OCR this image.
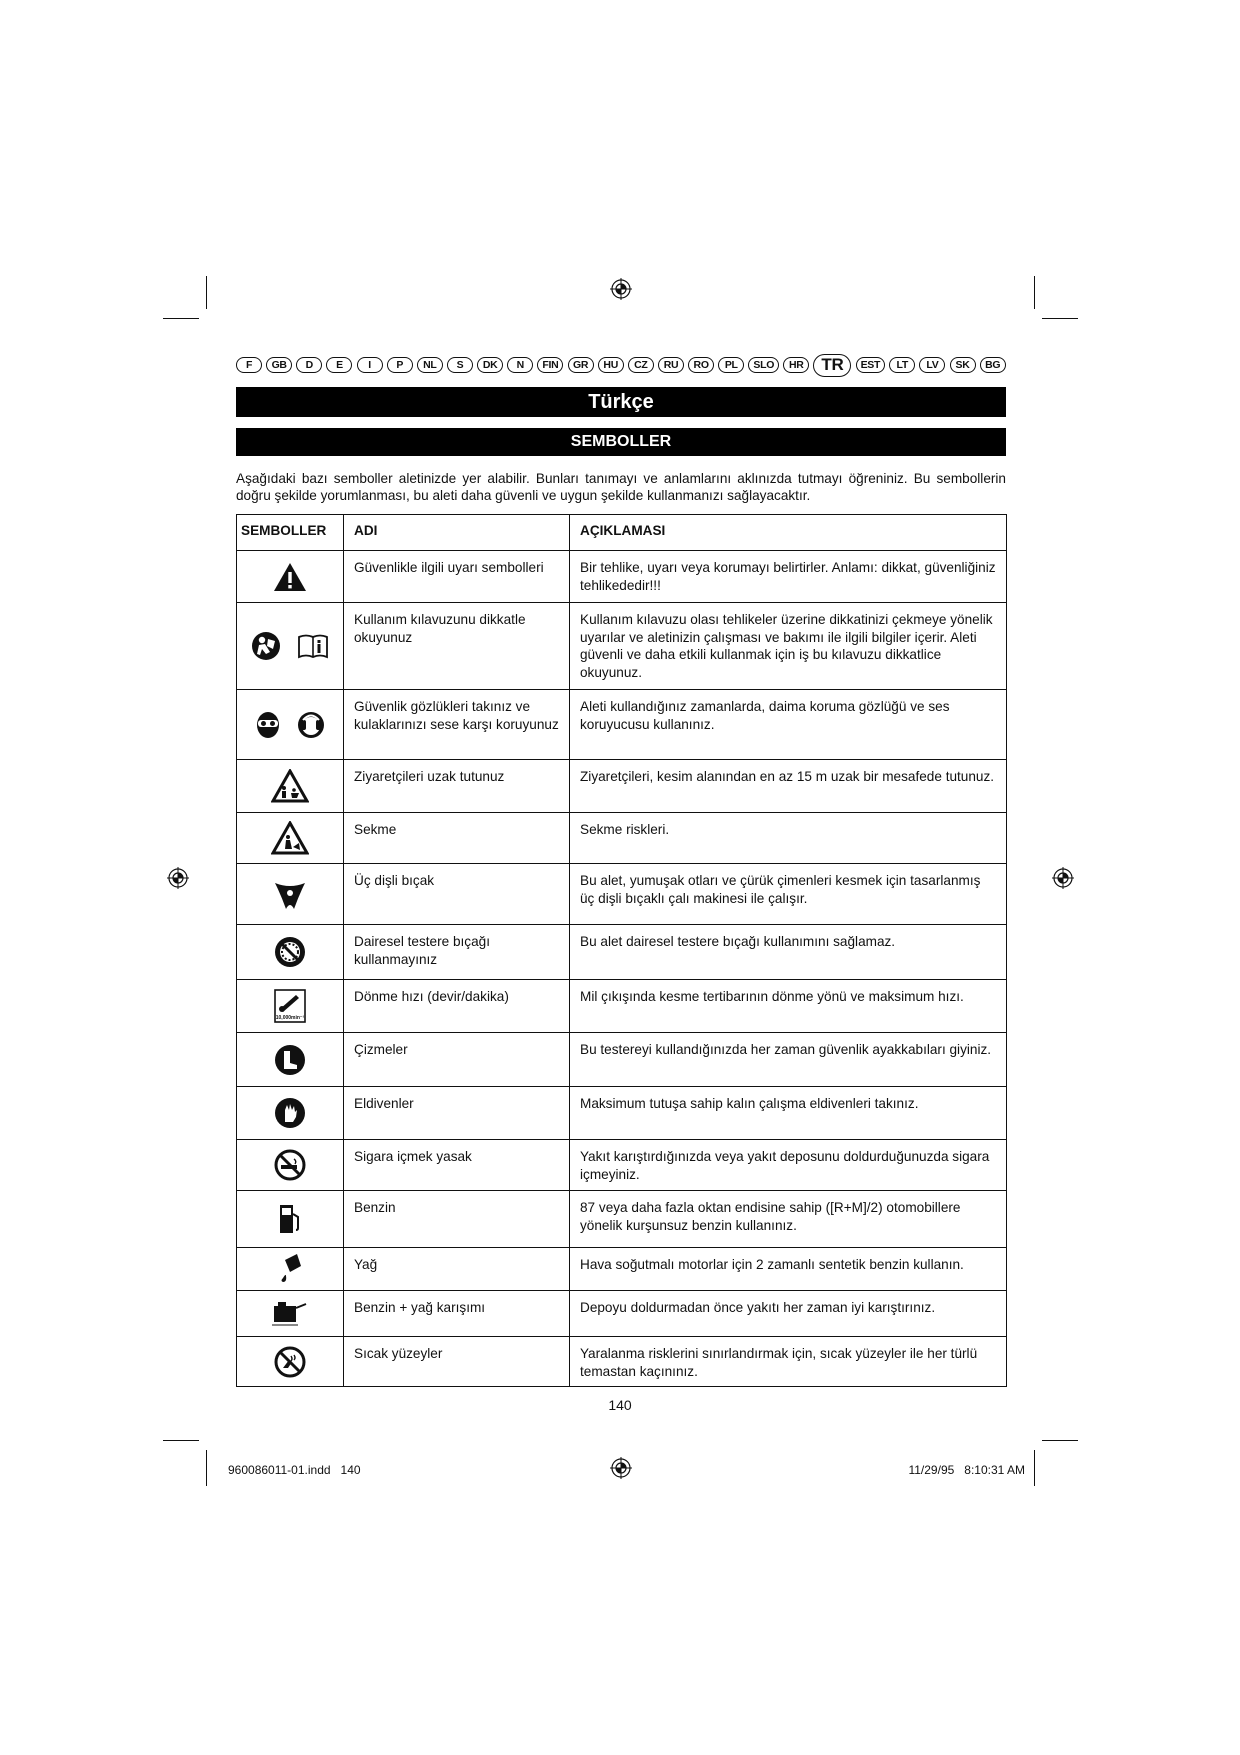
F	GB	D	E	I	P	NL	S	DK	N	FIN	GR	HU	CZ	RU	RO	PL	SLO	HR	TR	EST	LT	LV	SK	BG
Türkçe
SEMBOLLER
Aşağıdaki bazı semboller aletinizde yer alabilir. Bunları tanımayı ve anlamlarını aklınızda tutmayı öğreniniz. Bu sembollerin doğru şekilde yorumlanması, bu aleti daha güvenli ve uygun şekilde kullanmanızı sağlayacaktır.
SEMBOLLER	ADI	AÇIKLAMASI
	Güvenlikle ilgili uyarı sembolleri	Bir tehlike, uyarı veya korumayı belirtirler. Anlamı: dikkat, güvenliğiniz tehlikededir!!!
	Kullanım kılavuzunu dikkatle okuyunuz	Kullanım kılavuzu olası tehlikeler üzerine dikkatinizi çekmeye yönelik uyarılar ve aletinizin çalışması ve bakımı ile ilgili bilgiler içerir. Aleti güvenli ve daha etkili kullanmak için iş bu kılavuzu dikkatlice okuyunuz.
	Güvenlik gözlükleri takınız ve kulaklarınızı sese karşı koruyunuz	Aleti kullandığınız zamanlarda, daima koruma gözlüğü ve ses koruyucusu kullanınız.
	Ziyaretçileri uzak tutunuz	Ziyaretçileri, kesim alanından en az 15 m uzak bir mesafede tutunuz.
	Sekme	Sekme riskleri.
	Üç dişli bıçak	Bu alet, yumuşak otları ve çürük çimenleri kesmek için tasarlanmış üç dişli bıçaklı çalı makinesi ile çalışır.
	Dairesel testere bıçağı kullanmayınız	Bu alet dairesel testere bıçağı kullanımını sağlamaz.

10,000min⁻¹	Dönme hızı (devir/dakika)	Mil çıkışında kesme tertibarının dönme yönü ve maksimum hızı.
	Çizmeler	Bu testereyi kullandığınızda her zaman güvenlik ayakkabıları giyiniz.
	Eldivenler	Maksimum tutuşa sahip kalın çalışma eldivenleri takınız.
	Sigara içmek yasak	Yakıt karıştırdığınızda veya yakıt deposunu doldurduğunuzda sigara içmeyiniz.
	Benzin	87 veya daha fazla oktan endisine sahip ([R+M]/2) otomobillere yönelik kurşunsuz benzin kullanınız.
	Yağ	Hava soğutmalı motorlar için 2 zamanlı sentetik benzin kullanın.
	Benzin + yağ karışımı	Depoyu doldurmadan önce yakıtı her zaman iyi karıştırınız.
	Sıcak yüzeyler	Yaralanma risklerini sınırlandırmak için, sıcak yüzeyler ile her türlü temastan kaçınınız.
140
960086011-01.indd   140	11/29/95   8:10:31 AM
